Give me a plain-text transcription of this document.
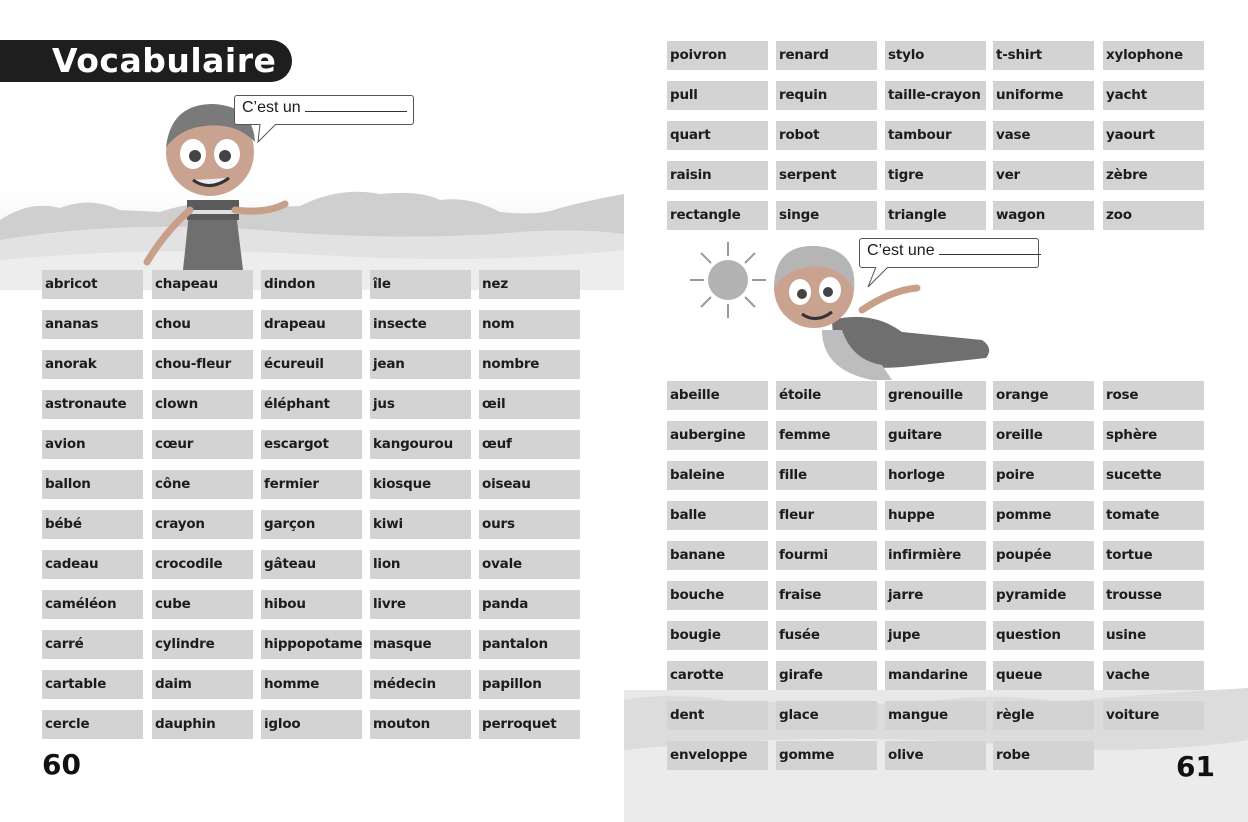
Vocabulaire
C’est un
abricot
ananas
anorak
astronaute
avion
ballon
bébé
cadeau
caméléon
carré
cartable
cercle
chapeau
chou
chou-fleur
clown
cœur
cône
crayon
crocodile
cube
cylindre
daim
dauphin
dindon
drapeau
écureuil
éléphant
escargot
fermier
garçon
gâteau
hibou
hippopotame
homme
igloo
île
insecte
jean
jus
kangourou
kiosque
kiwi
lion
livre
masque
médecin
mouton
nez
nom
nombre
œil
œuf
oiseau
ours
ovale
panda
pantalon
papillon
perroquet
60
C’est une
poivron
pull
quart
raisin
rectangle
renard
requin
robot
serpent
singe
stylo
taille-crayon
tambour
tigre
triangle
t-shirt
uniforme
vase
ver
wagon
xylophone
yacht
yaourt
zèbre
zoo
abeille
aubergine
baleine
balle
banane
bouche
bougie
carotte
dent
enveloppe
étoile
femme
fille
fleur
fourmi
fraise
fusée
girafe
glace
gomme
grenouille
guitare
horloge
huppe
infirmière
jarre
jupe
mandarine
mangue
olive
orange
oreille
poire
pomme
poupée
pyramide
question
queue
règle
robe
rose
sphère
sucette
tomate
tortue
trousse
usine
vache
voiture
61
